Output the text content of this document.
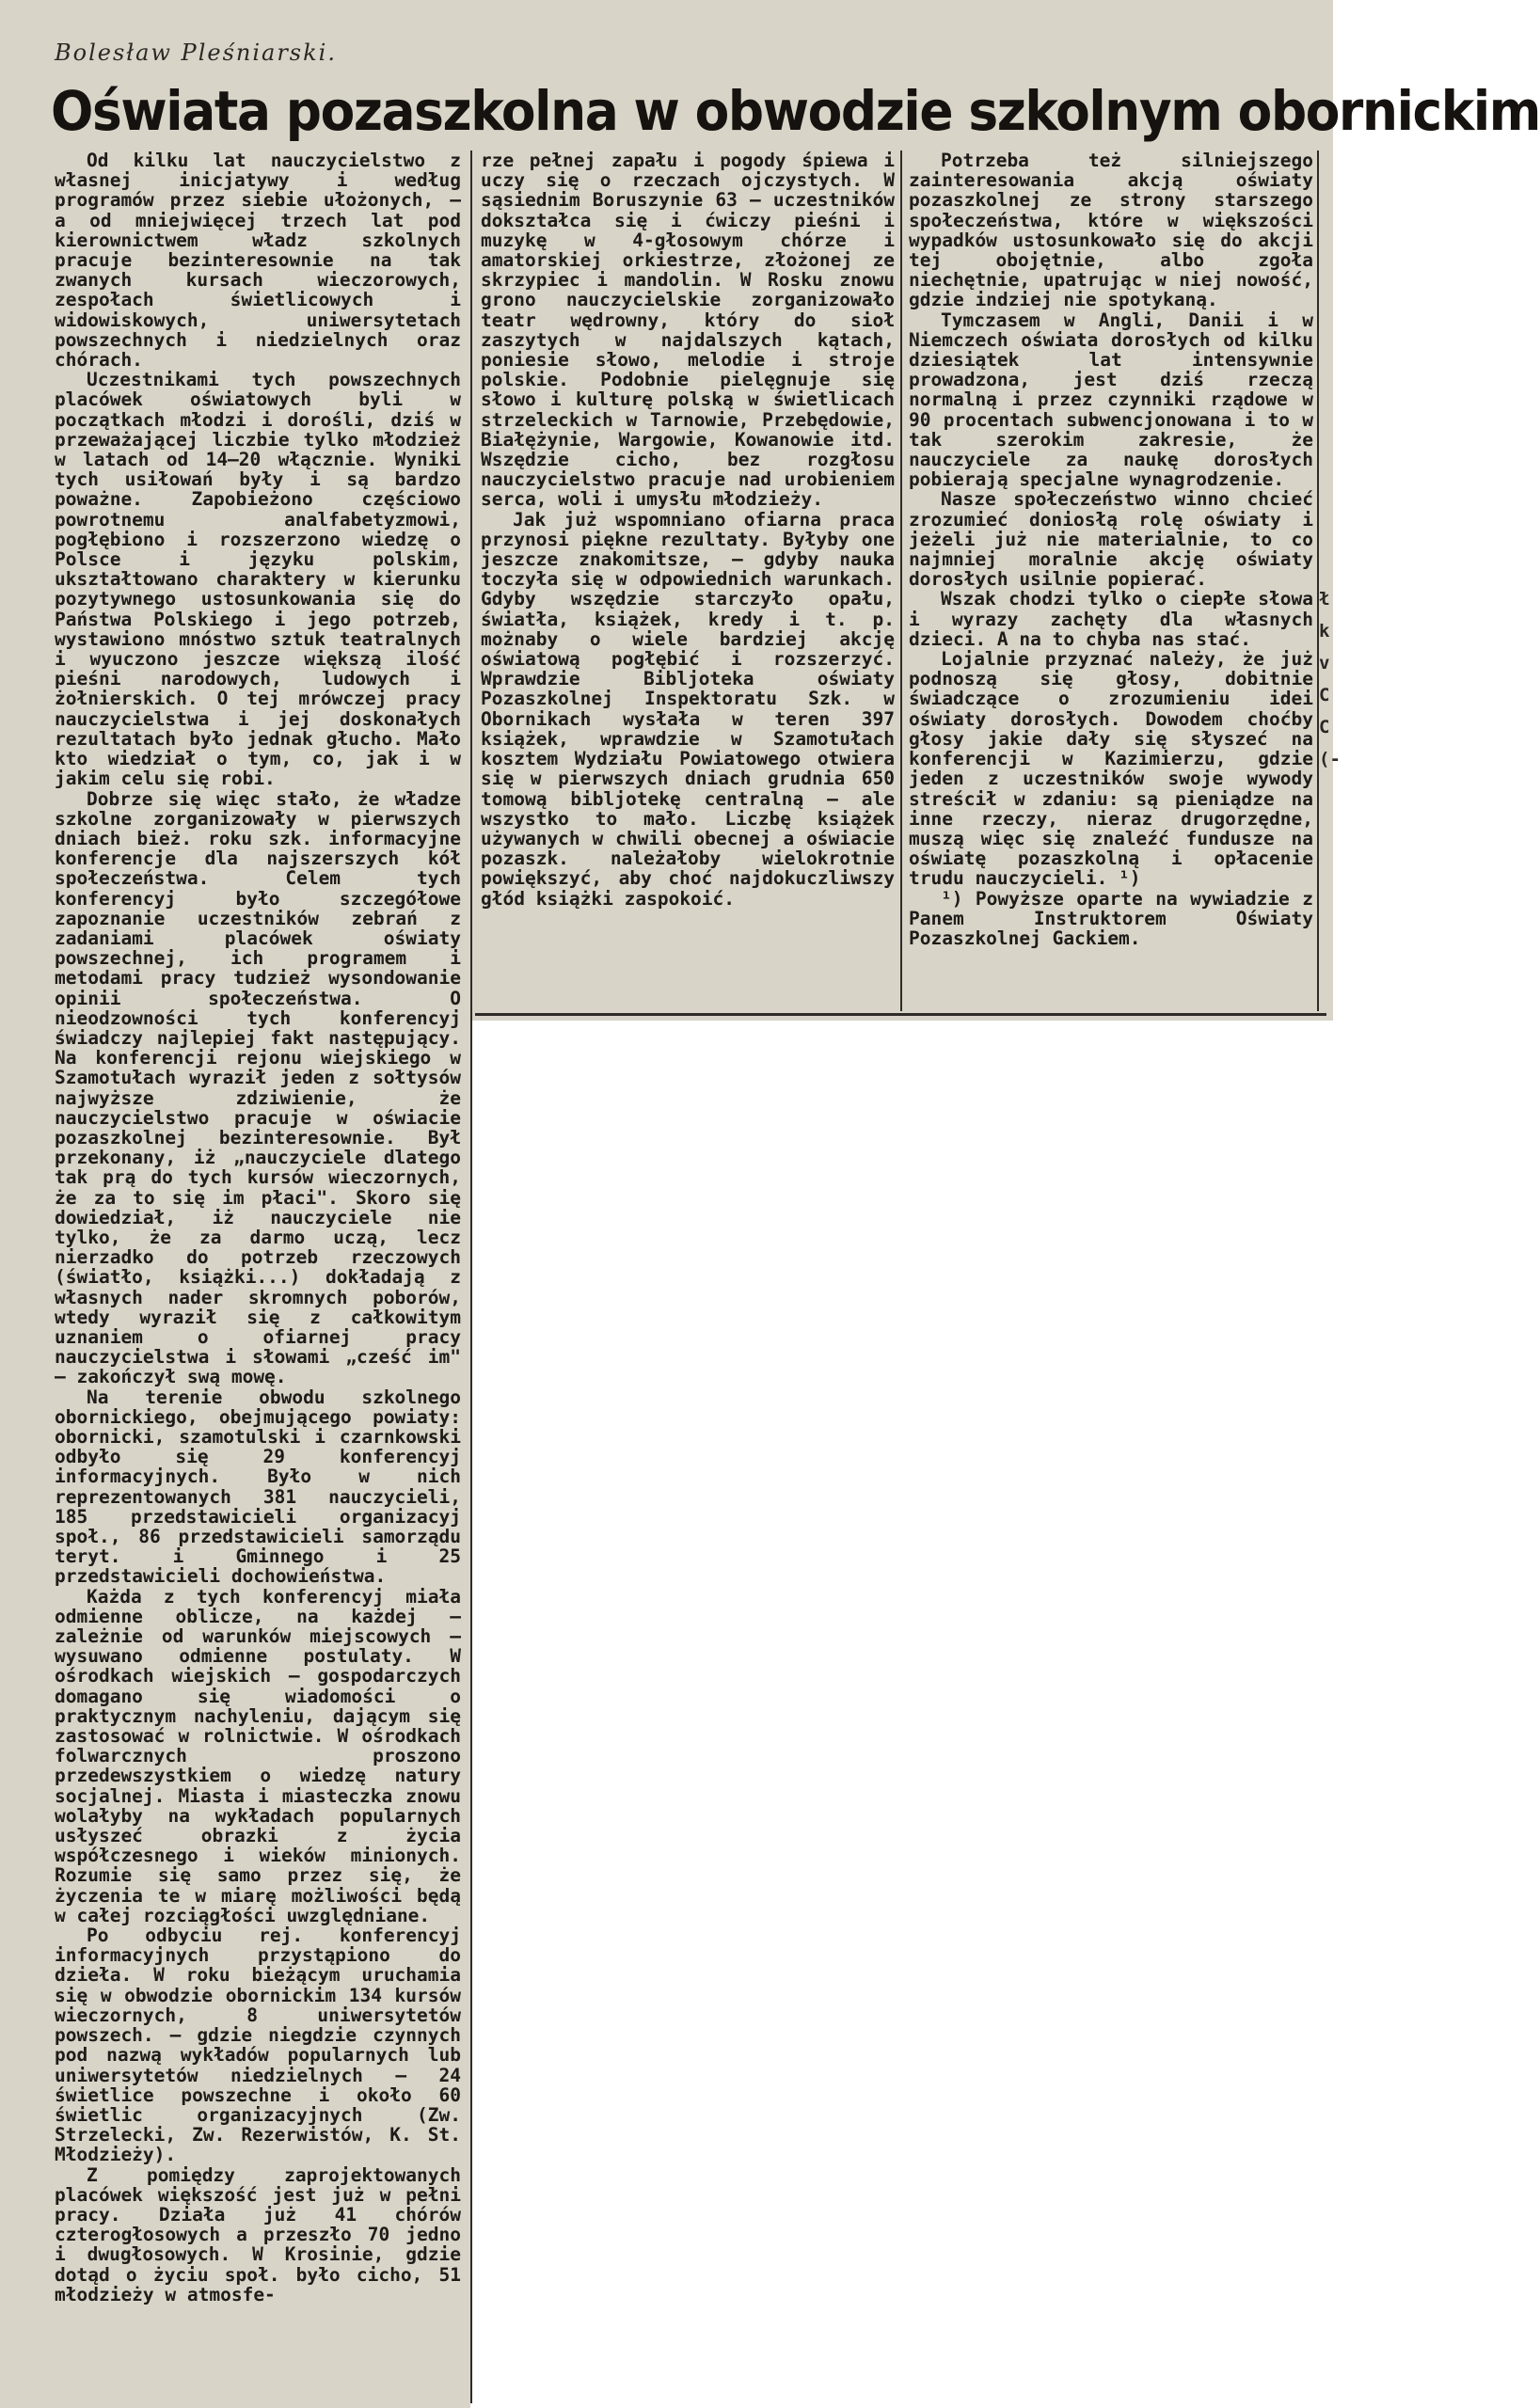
Bolesław Pleśniarski.
Oświata pozaszkolna w obwodzie szkolnym obornickim

Od kilku lat nauczycielstwo z własnej inicjatywy i według programów przez siebie ułożonych, — a od mniejwięcej trzech lat pod kierownictwem władz szkolnych pracuje bezinteresownie na tak zwanych kursach wieczorowych, zespołach świetlicowych i widowiskowych, uniwersytetach powszechnych i niedzielnych oraz chórach.

Uczestnikami tych powszechnych placówek oświatowych byli w początkach młodzi i dorośli, dziś w przeważającej liczbie tylko młodzież w latach od 14—20 włącznie. Wyniki tych usiłowań były i są bardzo poważne. Zapobieżono częściowo powrotnemu analfabetyzmowi, pogłębiono i rozszerzono wiedzę o Polsce i języku polskim, ukształtowano charaktery w kierunku pozytywnego ustosunkowania się do Państwa Polskiego i jego potrzeb, wystawiono mnóstwo sztuk teatralnych i wyuczono jeszcze większą ilość pieśni narodowych, ludowych i żołnierskich. O tej mrówczej pracy nauczycielstwa i jej doskonałych rezultatach było jednak głucho. Mało kto wiedział o tym, co, jak i w jakim celu się robi.

Dobrze się więc stało, że władze szkolne zorganizowały w pierwszych dniach bież. roku szk. informacyjne konferencje dla najszerszych kół społeczeństwa. Celem tych konferencyj było szczegółowe zapoznanie uczestników zebrań z zadaniami placówek oświaty powszechnej, ich programem i metodami pracy tudzież wysondowanie opinii społeczeństwa. O nieodzowności tych konferencyj świadczy najlepiej fakt następujący. Na konferencji rejonu wiejskiego w Szamotułach wyraził jeden z sołtysów najwyższe zdziwienie, że nauczycielstwo pracuje w oświacie pozaszkolnej bezinteresownie. Był przekonany, iż „nauczyciele dlatego tak prą do tych kursów wieczornych, że za to się im płaci". Skoro się dowiedział, iż nauczyciele nie tylko, że za darmo uczą, lecz nierzadko do potrzeb rzeczowych (światło, książki...) dokładają z własnych nader skromnych poborów, wtedy wyraził się z całkowitym uznaniem o ofiarnej pracy nauczycielstwa i słowami „cześć im" — zakończył swą mowę.

Na terenie obwodu szkolnego obornickiego, obejmującego powiaty: obornicki, szamotulski i czarnkowski odbyło się 29 konferencyj informacyjnych. Było w nich reprezentowanych 381 nauczycieli, 185 przedstawicieli organizacyj społ., 86 przedstawicieli samorządu teryt. i Gminnego i 25 przedstawicieli dochowieństwa.

Każda z tych konferencyj miała odmienne oblicze, na każdej — zależnie od warunków miejscowych — wysuwano odmienne postulaty. W ośrodkach wiejskich — gospodarczych domagano się wiadomości o praktycznym nachyleniu, dającym się zastosować w rolnictwie. W ośrodkach folwarcznych proszono przedewszystkiem o wiedzę natury socjalnej. Miasta i miasteczka znowu wolałyby na wykładach popularnych usłyszeć obrazki z życia współczesnego i wieków minionych. Rozumie się samo przez się, że życzenia te w miarę możliwości będą w całej rozciągłości uwzględniane.

Po odbyciu rej. konferencyj informacyjnych przystąpiono do dzieła. W roku bieżącym uruchamia się w obwodzie obornickim 134 kursów wieczornych, 8 uniwersytetów powszech. — gdzie niegdzie czynnych pod nazwą wykładów popularnych lub uniwersytetów niedzielnych — 24 świetlice powszechne i około 60 świetlic organizacyjnych (Zw. Strzelecki, Zw. Rezerwistów, K. St. Młodzieży).

Z pomiędzy zaprojektowanych placówek większość jest już w pełni pracy. Działa już 41 chórów czterogłosowych a przeszło 70 jedno i dwugłosowych. W Krosinie, gdzie dotąd o życiu społ. było cicho, 51 młodzieży w atmosfe-

rze pełnej zapału i pogody śpiewa i uczy się o rzeczach ojczystych. W sąsiednim Boruszynie 63 — uczestników dokształca się i ćwiczy pieśni i muzykę w 4-głosowym chórze i amatorskiej orkiestrze, złożonej ze skrzypiec i mandolin. W Rosku znowu grono nauczycielskie zorganizowało teatr wędrowny, który do sioł zaszytych w najdalszych kątach, poniesie słowo, melodie i stroje polskie. Podobnie pielęgnuje się słowo i kulturę polską w świetlicach strzeleckich w Tarnowie, Przebędowie, Białężynie, Wargowie, Kowanowie itd. Wszędzie cicho, bez rozgłosu nauczycielstwo pracuje nad urobieniem serca, woli i umysłu młodzieży.

Jak już wspomniano ofiarna praca przynosi piękne rezultaty. Byłyby one jeszcze znakomitsze, — gdyby nauka toczyła się w odpowiednich warunkach. Gdyby wszędzie starczyło opału, światła, książek, kredy i t. p. możnaby o wiele bardziej akcję oświatową pogłębić i rozszerzyć. Wprawdzie Bibljoteka oświaty Pozaszkolnej Inspektoratu Szk. w Obornikach wysłała w teren 397 książek, wprawdzie w Szamotułach kosztem Wydziału Powiatowego otwiera się w pierwszych dniach grudnia 650 tomową bibljotekę centralną — ale wszystko to mało. Liczbę książek używanych w chwili obecnej a oświacie pozaszk. należałoby wielokrotnie powiększyć, aby choć najdokuczliwszy głód książki zaspokoić.

Potrzeba też silniejszego zainteresowania akcją oświaty pozaszkolnej ze strony starszego społeczeństwa, które w większości wypadków ustosunkowało się do akcji tej obojętnie, albo zgoła niechętnie, upatrując w niej nowość, gdzie indziej nie spotykaną.

Tymczasem w Angli, Danii i w Niemczech oświata dorosłych od kilku dziesiątek lat intensywnie prowadzona, jest dziś rzeczą normalną i przez czynniki rządowe w 90 procentach subwencjonowana i to w tak szerokim zakresie, że nauczyciele za naukę dorosłych pobierają specjalne wynagrodzenie.

Nasze społeczeństwo winno chcieć zrozumieć doniosłą rolę oświaty i jeżeli już nie materialnie, to co najmniej moralnie akcję oświaty dorosłych usilnie popierać.

Wszak chodzi tylko o ciepłe słowa i wyrazy zachęty dla własnych dzieci. A na to chyba nas stać.

Lojalnie przyznać należy, że już podnoszą się głosy, dobitnie świadczące o zrozumieniu idei oświaty dorosłych. Dowodem choćby głosy jakie dały się słyszeć na konferencji w Kazimierzu, gdzie jeden z uczestników swoje wywody streścił w zdaniu: są pieniądze na inne rzeczy, nieraz drugorzędne, muszą więc się znaleźć fundusze na oświatę pozaszkolną i opłacenie trudu nauczycieli. ¹)

¹) Powyższe oparte na wywiadzie z Panem Instruktorem Oświaty Pozaszkolnej Gackiem.

ł
k
v
C
C
(-
